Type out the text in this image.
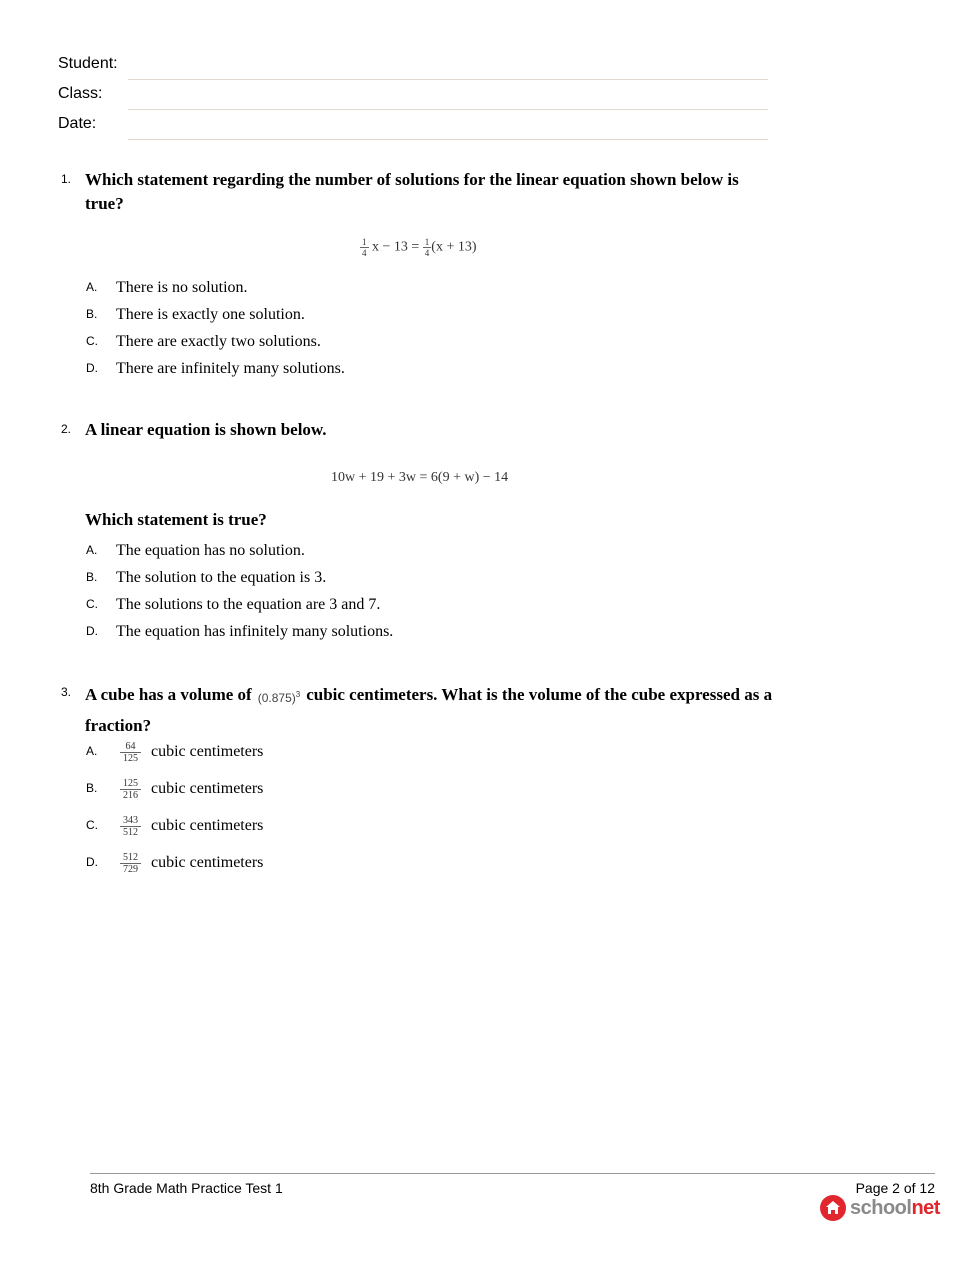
Student:
Class:
Date:
1. Which statement regarding the number of solutions for the linear equation shown below is true?
$\frac{1}{4}$ $x - 13 = \frac{1}{4} (x + 13)$
A. There is no solution.
B. There is exactly one solution.
C. There are exactly two solutions.
D. There are infinitely many solutions.
2. A linear equation is shown below.
10w + 19 + 3w = 6(9 + w) − 14
Which statement is true?
A. The equation has no solution.
B. The solution to the equation is 3.
C. The solutions to the equation are 3 and 7.
D. The equation has infinitely many solutions.
3. A cube has a volume of $(0.875)^3$ cubic centimeters. What is the volume of the cube expressed as a fraction?
A. $\frac{64}{125}$ cubic centimeters
B. $\frac{125}{216}$ cubic centimeters
C. $\frac{343}{512}$ cubic centimeters
D. $\frac{512}{729}$ cubic centimeters
8th Grade Math Practice Test 1	Page 2 of 12
schoolnet
